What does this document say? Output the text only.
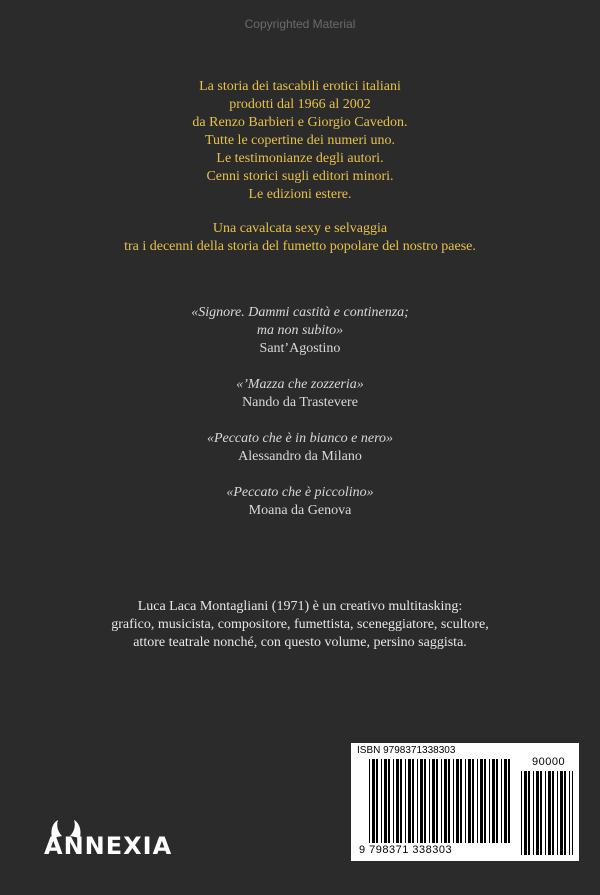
Copyrighted Material
La storia dei tascabili erotici italiani
prodotti dal 1966 al 2002
da Renzo Barbieri e Giorgio Cavedon.
Tutte le copertine dei numeri uno.
Le testimonianze degli autori.
Cenni storici sugli editori minori.
Le edizioni estere.
Una cavalcata sexy e selvaggia
tra i decenni della storia del fumetto popolare del nostro paese.
«Signore. Dammi castità e continenza;
ma non subito»
Sant’Agostino
«’Mazza che zozzeria»
Nando da Trastevere
«Peccato che è in bianco e nero»
Alessandro da Milano
«Peccato che è piccolino»
Moana da Genova
Luca Laca Montagliani (1971) è un creativo multitasking:
grafico, musicista, compositore, fumettista, sceneggiatore, scultore,
attore teatrale nonché, con questo volume, persino saggista.
ISBN 9798371338303
9 798371 338303
90000
ANNEXIA
